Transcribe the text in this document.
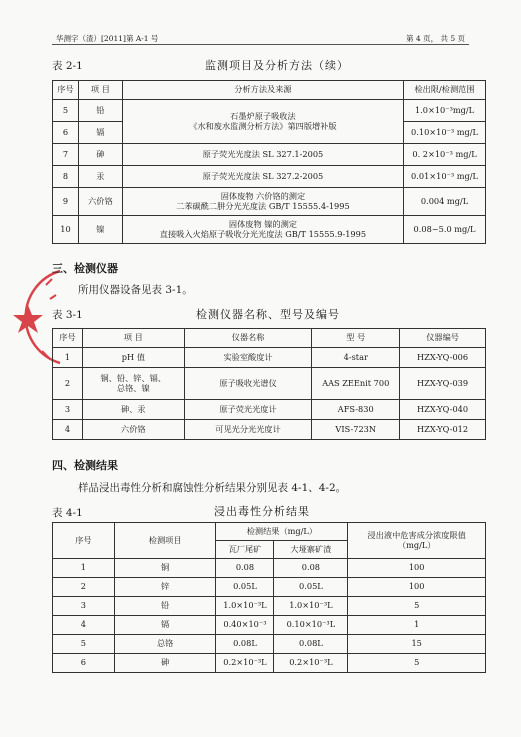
华测字（渣）[2011]第 A-1 号	第 4 页， 共 5 页
表 2-1	监测项目及分析方法（续）
序号	项 目	分析方法及来源	检出限/检测范围
5	铅	石墨炉原子吸收法
《水和废水监测分析方法》第四版增补版	1.0×10⁻³mg/L
6	镉		0.10×10⁻³ mg/L
7	砷	原子荧光光度法 SL 327.1-2005	0. 2×10⁻³ mg/L
8	汞	原子荧光光度法 SL 327.2-2005	0.01×10⁻³ mg/L
9	六价铬	固体废物 六价铬的测定
二苯碳酰二肼分光光度法 GB/T 15555.4-1995	0.004 mg/L
10	镍	固体废物 镍的测定
直接吸入火焰原子吸收分光光度法 GB/T 15555.9-1995	0.08~5.0 mg/L
三、检测仪器
所用仪器设备见表 3-1。
表 3-1	检测仪器名称、型号及编号
序号	项 目	仪器名称	型 号	仪器编号
1	pH 值	实验室酸度计	4-star	HZX-YQ-006
2	铜、铅、锌、镉、
总铬、镍	原子吸收光谱仪	AAS ZEEnit 700	HZX-YQ-039
3	砷、汞	原子荧光光度计	AFS-830	HZX-YQ-040
4	六价铬	可见光分光光度计	VIS-723N	HZX-YQ-012
四、检测结果
样品浸出毒性分析和腐蚀性分析结果分别见表 4-1、4-2。
表 4-1	浸出毒性分析结果
序号	检测项目	检测结果（mg/L）		浸出液中危害成分浓度限值
（mg/L）

		瓦厂尾矿	大垭寨矿渣	
1	铜	0.08	0.08	100
2	锌	0.05L	0.05L	100
3	铅	1.0×10⁻³L	1.0×10⁻³L	5
4	镉	0.40×10⁻³	0.10×10⁻³L	1
5	总铬	0.08L	0.08L	15
6	砷	0.2×10⁻³L	0.2×10⁻³L	5
